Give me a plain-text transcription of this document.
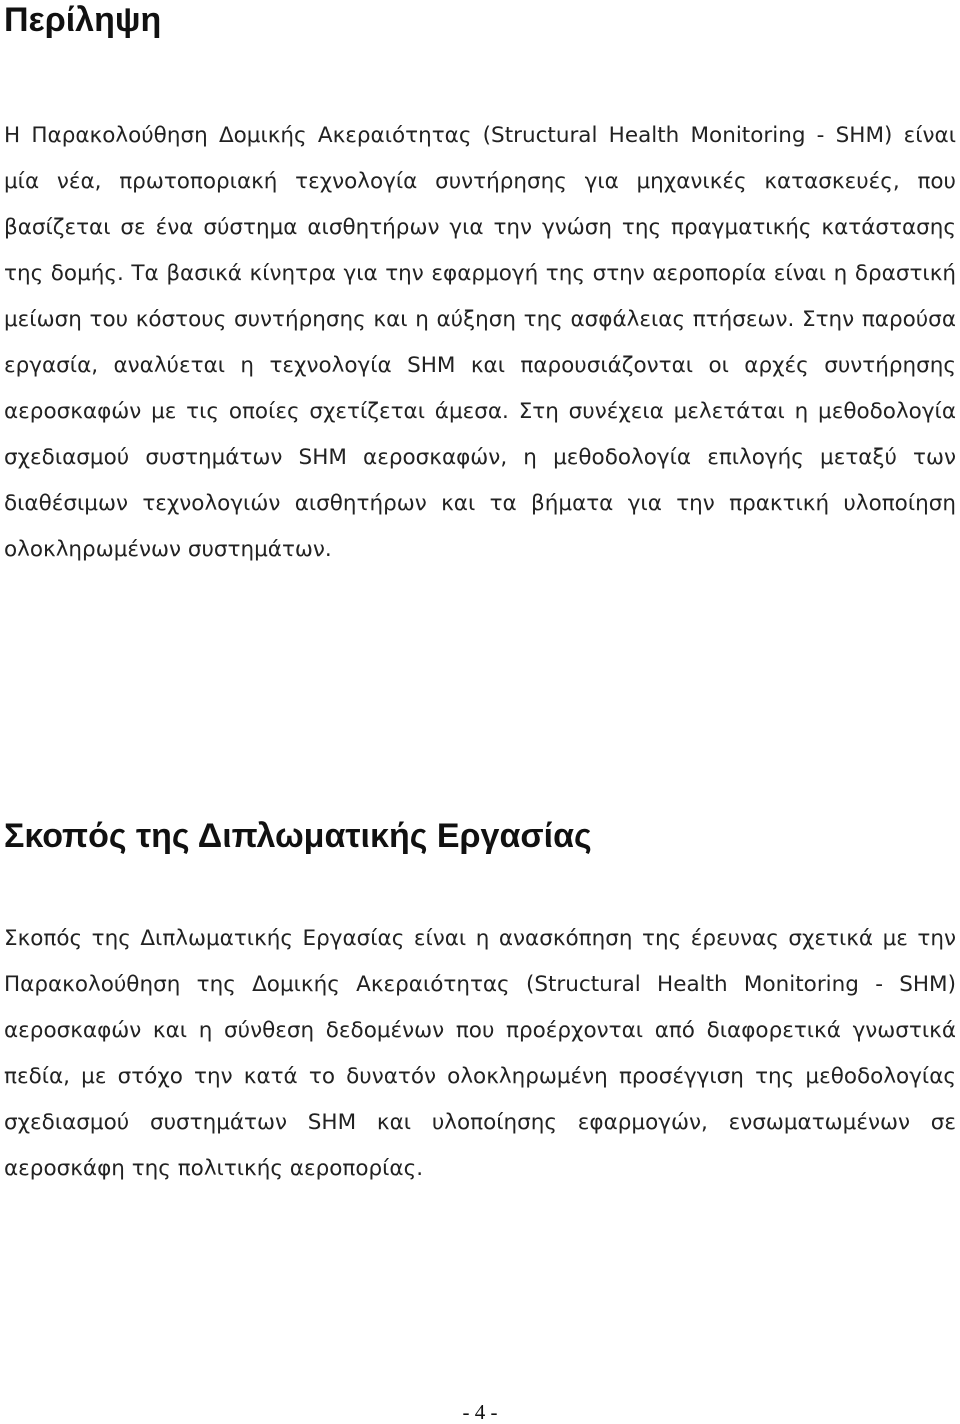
Περίληψη

Η Παρακολούθηση Δομικής Ακεραιότητας (Structural Health Monitoring - SHM) είναι μία νέα, πρωτοποριακή τεχνολογία συντήρησης για μηχανικές κατασκευές, που βασίζεται σε ένα σύστημα αισθητήρων για την γνώση της πραγματικής κατάστασης της δομής. Τα βασικά κίνητρα για την εφαρμογή της στην αεροπορία είναι η δραστική μείωση του κόστους συντήρησης και η αύξηση της ασφάλειας πτήσεων. Στην παρούσα εργασία, αναλύεται η τεχνολογία SHM και παρουσιάζονται οι αρχές συντήρησης αεροσκαφών με τις οποίες σχετίζεται άμεσα. Στη συνέχεια μελετάται η μεθοδολογία σχεδιασμού συστημάτων SHM αεροσκαφών, η μεθοδολογία επιλογής μεταξύ των διαθέσιμων τεχνολογιών αισθητήρων και τα βήματα για την πρακτική υλοποίηση ολοκληρωμένων συστημάτων.

Σκοπός της Διπλωματικής Εργασίας

Σκοπός της Διπλωματικής Εργασίας είναι η ανασκόπηση της έρευνας σχετικά με την Παρακολούθηση της Δομικής Ακεραιότητας (Structural Health Monitoring - SHM) αεροσκαφών και η σύνθεση δεδομένων που προέρχονται από διαφορετικά γνωστικά πεδία, με στόχο την κατά το δυνατόν ολοκληρωμένη προσέγγιση της μεθοδολογίας σχεδιασμού συστημάτων SHM και υλοποίησης εφαρμογών, ενσωματωμένων σε αεροσκάφη της πολιτικής αεροπορίας.

- 4 -
